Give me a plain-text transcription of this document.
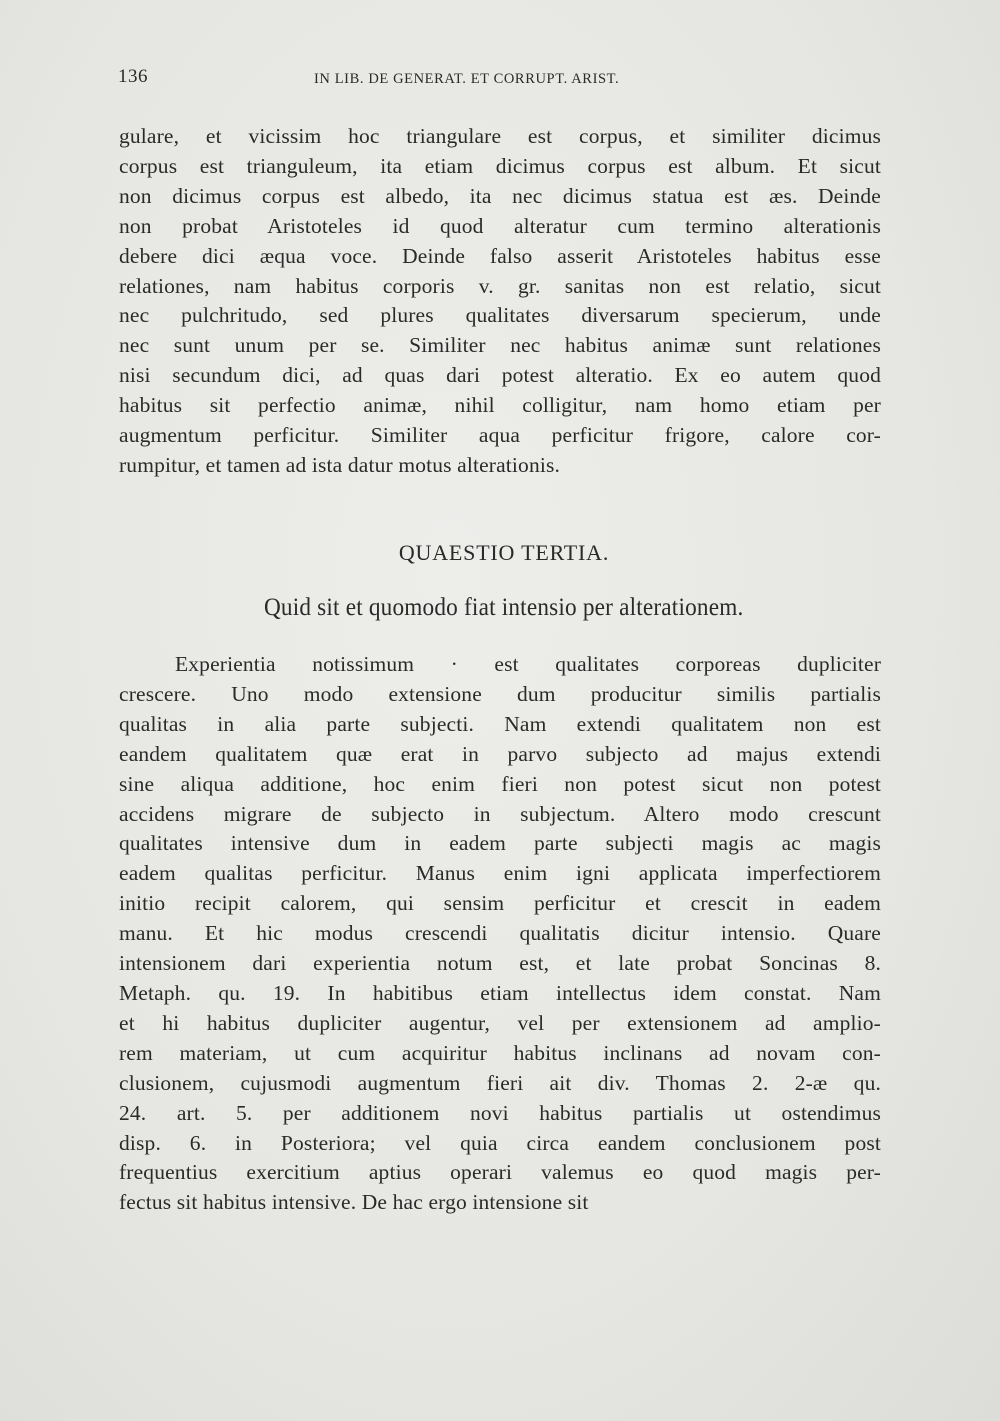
136	IN LIB. DE GENERAT. ET CORRUPT. ARIST.

gulare, et vicissim hoc triangulare est corpus, et similiter dicimus
corpus est trianguleum, ita etiam dicimus corpus est album. Et sicut
non dicimus corpus est albedo, ita nec dicimus statua est æs. Deinde
non probat Aristoteles id quod alteratur cum termino alterationis
debere dici æqua voce. Deinde falso asserit Aristoteles habitus esse
relationes, nam habitus corporis v. gr. sanitas non est relatio, sicut
nec pulchritudo, sed plures qualitates diversarum specierum, unde
nec sunt unum per se. Similiter nec habitus animæ sunt relationes
nisi secundum dici, ad quas dari potest alteratio. Ex eo autem quod
habitus sit perfectio animæ, nihil colligitur, nam homo etiam per
augmentum perficitur. Similiter aqua perficitur frigore, calore cor-
rumpitur, et tamen ad ista datur motus alterationis.

QUAESTIO TERTIA.
Quid sit et quomodo fiat intensio per alterationem.

Experientia notissimum · est qualitates corporeas dupliciter
crescere. Uno modo extensione dum producitur similis partialis
qualitas in alia parte subjecti. Nam extendi qualitatem non est
eandem qualitatem quæ erat in parvo subjecto ad majus extendi
sine aliqua additione, hoc enim fieri non potest sicut non potest
accidens migrare de subjecto in subjectum. Altero modo crescunt
qualitates intensive dum in eadem parte subjecti magis ac magis
eadem qualitas perficitur. Manus enim igni applicata imperfectiorem
initio recipit calorem, qui sensim perficitur et crescit in eadem
manu. Et hic modus crescendi qualitatis dicitur intensio. Quare
intensionem dari experientia notum est, et late probat Soncinas 8.
Metaph. qu. 19. In habitibus etiam intellectus idem constat. Nam
et hi habitus dupliciter augentur, vel per extensionem ad amplio-
rem materiam, ut cum acquiritur habitus inclinans ad novam con-
clusionem, cujusmodi augmentum fieri ait div. Thomas 2. 2-æ qu.
24. art. 5. per additionem novi habitus partialis ut ostendimus
disp. 6. in Posteriora; vel quia circa eandem conclusionem post
frequentius exercitium aptius operari valemus eo quod magis per-
fectus sit habitus intensive. De hac ergo intensione sit
